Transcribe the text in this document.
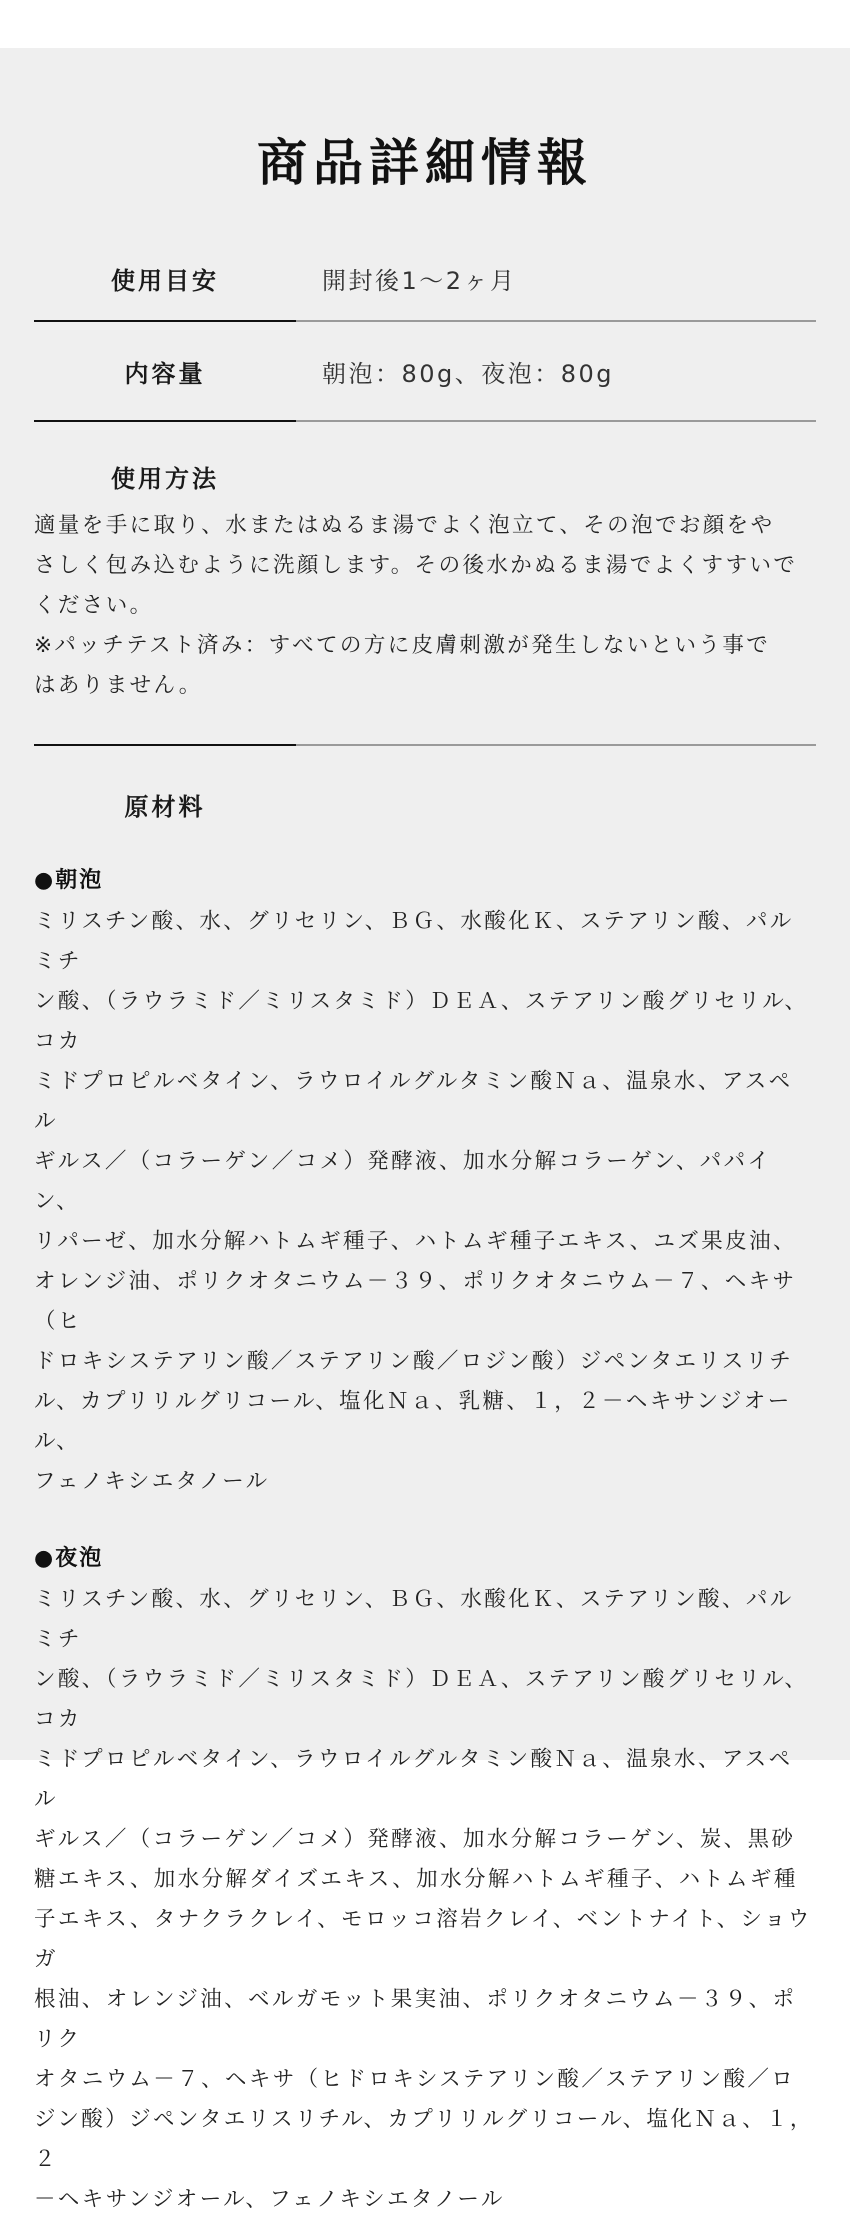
商品詳細情報
使用目安	開封後1〜2ヶ月
内容量	朝泡：80g、夜泡：80g
使用方法

適量を手に取り、水またはぬるま湯でよく泡立て、その泡でお顔をや
さしく包み込むように洗顔します。その後水かぬるま湯でよくすすいで
ください。

※パッチテスト済み：すべての方に皮膚刺激が発生しないという事で
はありません。

原材料
●朝泡

ミリスチン酸、水、グリセリン、ＢＧ、水酸化Ｋ、ステアリン酸、パルミチ
ン酸、（ラウラミド／ミリスタミド）ＤＥＡ、ステアリン酸グリセリル、コカ
ミドプロピルベタイン、ラウロイルグルタミン酸Ｎａ、温泉水、アスペル
ギルス／（コラーゲン／コメ）発酵液、加水分解コラーゲン、パパイン、
リパーゼ、加水分解ハトムギ種子、ハトムギ種子エキス、ユズ果皮油、
オレンジ油、ポリクオタニウム－３９、ポリクオタニウム－７、ヘキサ（ヒ
ドロキシステアリン酸／ステアリン酸／ロジン酸）ジペンタエリスリチ
ル、カプリリルグリコール、塩化Ｎａ、乳糖、１，２－ヘキサンジオール、
フェノキシエタノール

●夜泡

ミリスチン酸、水、グリセリン、ＢＧ、水酸化Ｋ、ステアリン酸、パルミチ
ン酸、（ラウラミド／ミリスタミド）ＤＥＡ、ステアリン酸グリセリル、コカ
ミドプロピルベタイン、ラウロイルグルタミン酸Ｎａ、温泉水、アスペル
ギルス／（コラーゲン／コメ）発酵液、加水分解コラーゲン、炭、黒砂
糖エキス、加水分解ダイズエキス、加水分解ハトムギ種子、ハトムギ種
子エキス、タナクラクレイ、モロッコ溶岩クレイ、ベントナイト、ショウガ
根油、オレンジ油、ベルガモット果実油、ポリクオタニウム－３９、ポリク
オタニウム－７、ヘキサ（ヒドロキシステアリン酸／ステアリン酸／ロ
ジン酸）ジペンタエリスリチル、カプリリルグリコール、塩化Ｎａ、１，２
－ヘキサンジオール、フェノキシエタノール
